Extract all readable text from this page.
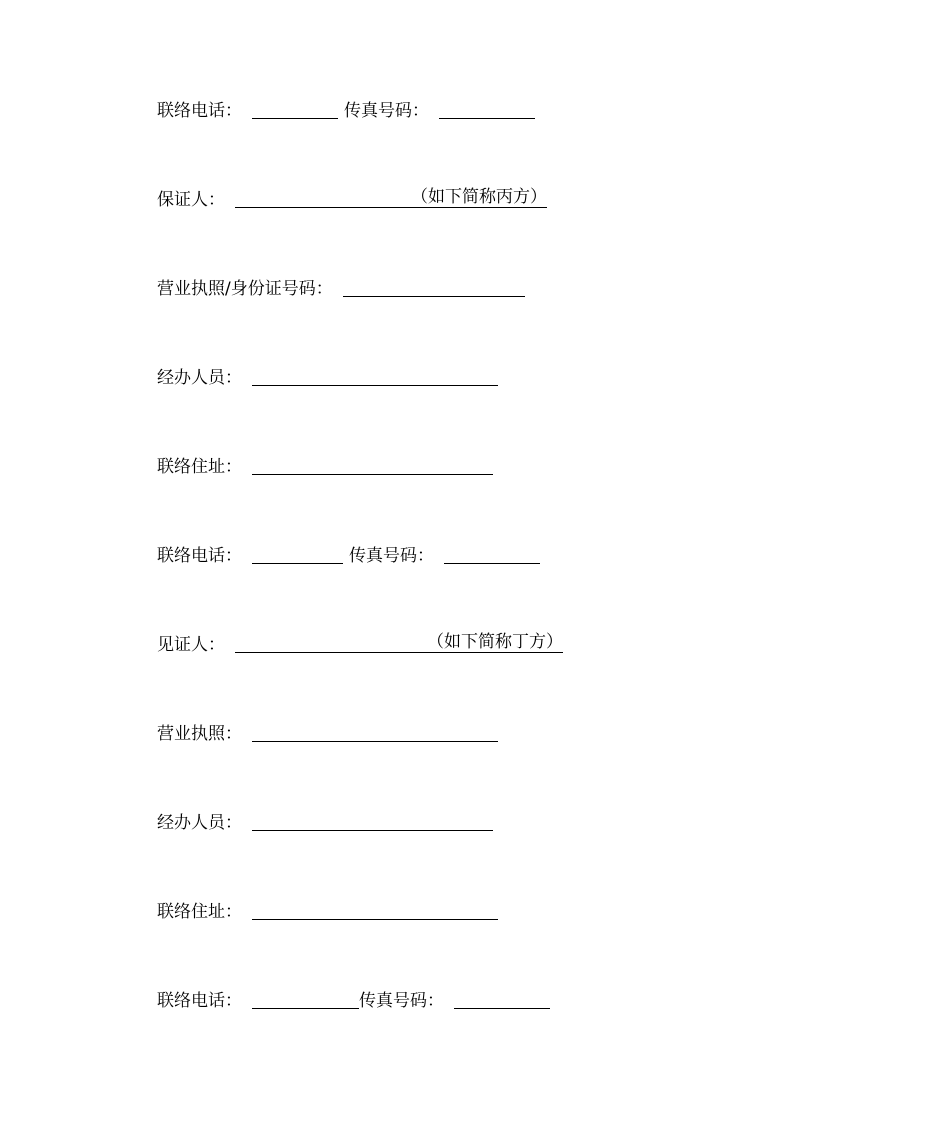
联络电话：	传真号码：
保证人：	（如下简称丙方）
营业执照/身份证号码：
经办人员：
联络住址：
联络电话：	传真号码：
见证人：	（如下简称丁方）
营业执照：
经办人员：
联络住址：
联络电话：	传真号码：
